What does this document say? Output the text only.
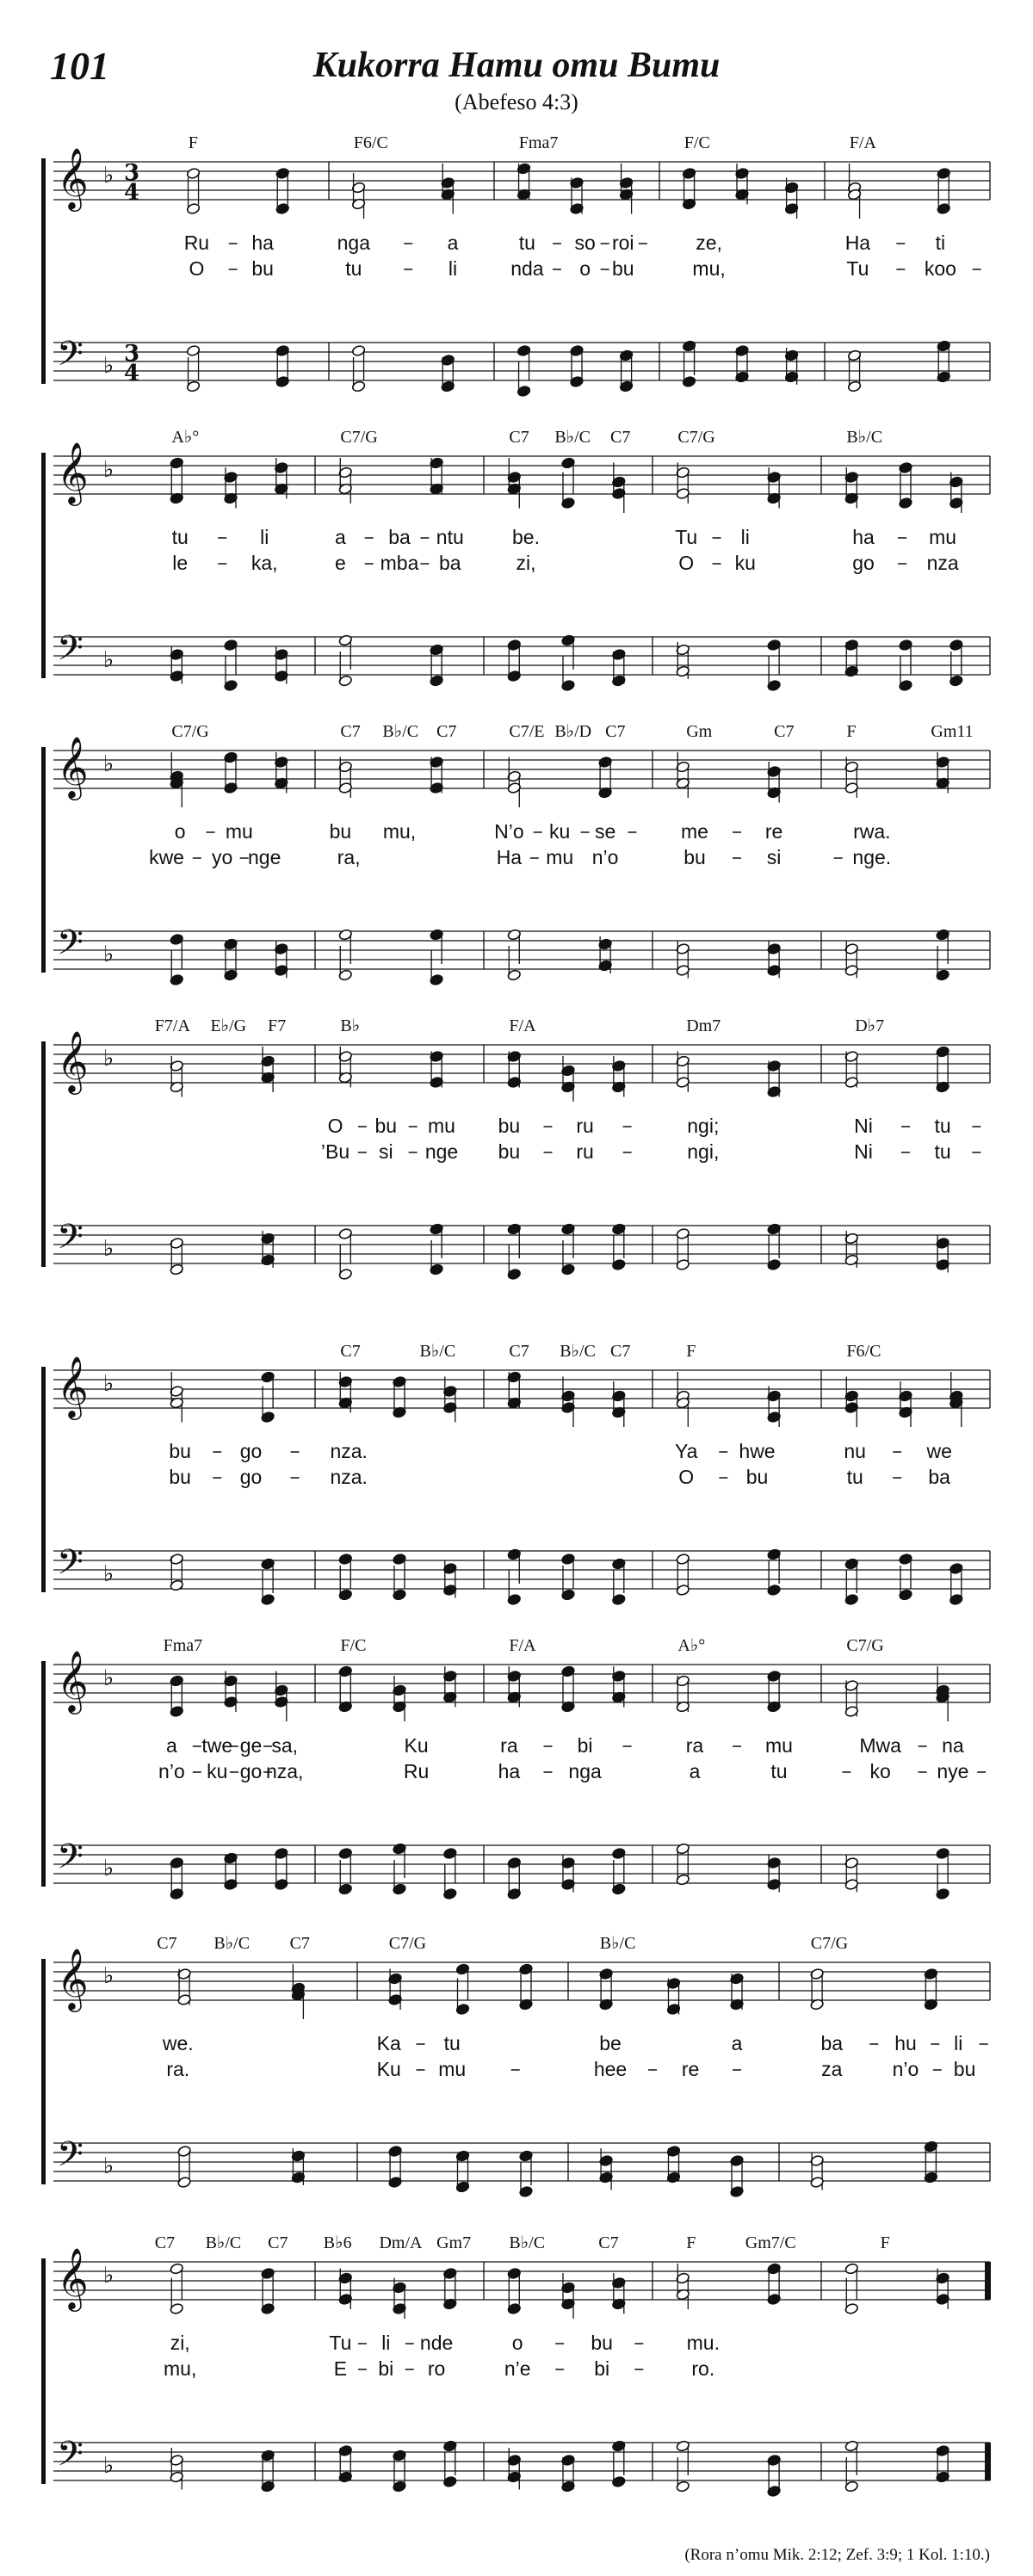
101	Kukorra Hamu omu Bumu
(Abefeso 4:3)
𝄞
𝄢
♭
♭
3
4
3
4
F	F6/C	Fma7	F/C	F/A
Ru ha	nga	a	tu so roi	ze,	Ha	ti
O bu	tu	li	nda o bu	mu,	Tu	koo
𝄞
𝄢
♭
♭
A♭°	C7/G	C7 B♭/C C7	C7/G	B♭/C
tu	li	a ba ntu be.	Tu li	ha	mu
le	ka,	e mba ba	zi,	O ku	go	nza
𝄞
𝄢
♭
♭
C7/G	C7 B♭/C C7	C7/E B♭/D C7	Gm	C7	F	Gm11
o mu	bu mu,	N’o ku se	me	re	rwa.
kwe yo nge	ra,	Ha mu n’o	bu	si	nge.
𝄞
𝄢
♭
♭
F7/A E♭/G F7	B♭	F/A	Dm7	D♭7
O bu mu bu	ru	ngi;	Ni	tu
’Bu si nge bu	ru	ngi,	Ni	tu
𝄞
𝄢
♭
♭
C7	B♭/C	C7 B♭/C C7	F	F6/C
bu go	nza.	Ya hwe	nu	we
bu go	nza.	O	bu	tu	ba
𝄞
𝄢
♭
♭
Fma7	F/C	F/A	A♭°	C7/G
a twe ge sa,	Ku	ra	bi	ra	mu	Mwa na
n’o ku go nza,	Ru	ha nga	a	tu	ko nye
𝄞
𝄢
♭
♭
C7 B♭/C C7	C7/G	B♭/C	C7/G
we.	Ka tu	be	a	ba	hu li
ra.	Ku mu	hee	re	za	n’o bu
𝄞
𝄢
♭
♭
C7 B♭/C C7 B♭6 Dm/A Gm7 B♭/C	C7	F	Gm7/C	F
zi,	Tu li nde	o	bu	mu.
mu,	E bi ro	n’e	bi	ro.
(Rora n’omu Mik. 2:12; Zef. 3:9; 1 Kol. 1:10.)
